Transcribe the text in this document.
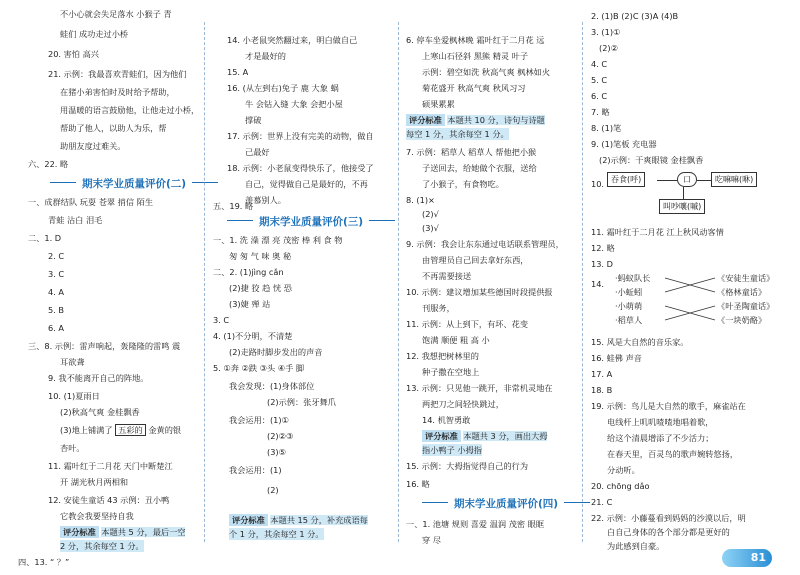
不小心就会失足落水 小猴子 青
蛙们 成功走过小桥
20. 害怕 高兴
21. 示例：我最喜欢青蛙们，因为他们
在猪小弟害怕时及时给予帮助，
用温暖的语言鼓励他，让他走过小桥，
帮助了他人，以助人为乐，帮
助朋友度过难关。
六、22. 略
期末学业质量评价(二)
一、成群结队 玩耍 苍翠 捎信 陌生
青蛙 沾白 泪毛
二、1. D
2. C
3. C
4. A
5. B
6. A
三、8. 示例：雷声响起，轰隆隆的雷鸣 震
耳欲聋
9. 我不能离开自己的阵地。
10. (1)夏雨日
(2)秋高气爽 金桂飘香
(3)地上铺满了 五彩的 金黄的银
杏叶。
11. 霜叶红于二月花 天门中断楚江
开 湖光秋月两相和
12. 安徒生童话 43 示例：丑小鸭
它教会我要坚持自我
评分标准 本题共 5 分，最后一空
2 分，其余每空 1 分。
四、13. “ ？”
14. 小老鼠突然翻过来，明白做自己
才是最好的
15. A
16. (从左到右)兔子 鹿 大象 蜗
牛 会钻入缝 大象 会把小屋
撑破
17. 示例：世界上没有完美的动物，做自
己最好
18. 示例：小老鼠变得快乐了，他接受了
自己，觉得做自己是最好的，不再
羡慕别人。
五、19. 略
期末学业质量评价(三)
一、1. 洗 澡 漂 亮 茂密 棒 利 食 物
匆 匆 气 味 奥 秘
二、2. (1)jìng cǎn
(2)捷 狡 趋 恍 恐
(3)婕 殚 站
3. C
4. (1)不分明，不清楚
(2)走路时脚步发出的声音
5. ①奔 ②跌 ③头 ④手 脚
我会发现：(1)身体部位
(2)示例：张牙舞爪
我会运用：(1)①
(2)②③
(3)⑤
我会运用：(1)
(2)
评分标准 本题共 15 分，补充成语每
个 1 分，其余每空 1 分。
6. 停车坐爱枫林晚 霜叶红于二月花 远
上寒山石径斜 黑熊 精灵 叶子
示例：碧空如洗 秋高气爽 枫林如火
菊花盛开 秋高气爽 秋风习习
硕果累累
评分标准 本题共 10 分，诗句与诗题
每空 1 分，其余每空 1 分。
7. 示例：稻草人 稻草人 帮他把小猴
子送回去，给她做个衣服，送给
了小猴子，有食物吃。
8. (1)×
(2)√
(3)√
9. 示例：我会让东东通过电话联系管理员，
由管理员自己回去拿好东西，
不再需要接送
10. 示例：建议增加某些德国时段提供报
刊服务，
11. 示例：从上到下，有坏、花变
饱满 顺便 粗 高 小
12. 我想把树林里的
种子撒在空地上
13. 示例：只见他一跳开，非常机灵地在
两把刀之间轻快跳过，
14. 机智勇敢
评分标准 本题共 3 分，画出大拇
指小鸭子 小拇指
15. 示例：大拇指觉得自己的行为
16. 略
期末学业质量评价(四)
一、1. 池塘 规则 喜爱 温润 茂密 眼眶
穿 尽
2. (1)B (2)C (3)A (4)B
3. (1)①
(2)②
4. C
5. C
6. C
7. 略
8. (1)笔
9. (1)笔板 充电器
(2)示例：干爽眼镜 金桂飘香
10. 吞食(呼)	口	吃嘛嘛(咻)
叫吵嚷(嘁)
11. 霜叶红于二月花 江上秋风动客情
12. 略
13. D
14.
·蚂蚁队长
·小蚯蚓
·小萌萌
·稻草人
《安徒生童话》
《格林童话》
《叶圣陶童话》
《一块奶酪》
15. 风是大自然的音乐家。
16. 蛙佛 声音
17. A
18. B
19. 示例：鸟儿是大自然的歌手，麻雀站在
电线杆上叽叽喳喳地唱着歌，
给这个清晨增添了不少活力；
在春天里，百灵鸟的歌声婉转悠扬，
分动听。
20. chōng dǎo
21. C
22. 示例：小藤蔓看到妈妈的沙漠以后，明
白自己身体的各个部分都是更好的
为此感到自豪。
81
